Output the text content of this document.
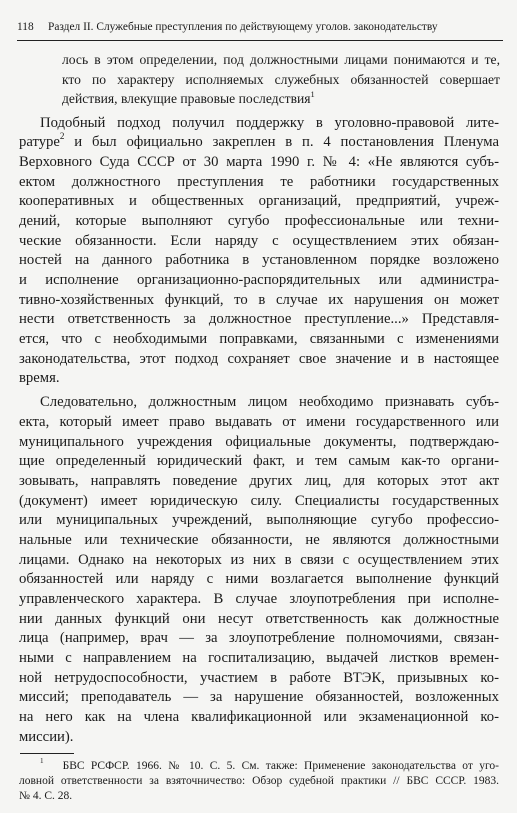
118 Раздел II. Служебные преступления по действующему уголов. законодательству
лось в этом определении, под должностными лицами понимаются и те,
кто по характеру исполняемых служебных обязанностей совершает
действия, влекущие правовые последствия$^1$
Подобный подход получил поддержку в уголовно-правовой лите-
ратуре$^2$ и был официально закреплен в п. 4 постановления Пленума
Верховного Суда СССР от 30 марта 1990 г. № 4: «Не являются субъ-
ектом должностного преступления те работники государственных
кооперативных и общественных организаций, предприятий, учреж-
дений, которые выполняют сугубо профессиональные или техни-
ческие обязанности. Если наряду с осуществлением этих обязан-
ностей на данного работника в установленном порядке возложено
и исполнение организационно-распорядительных или администра-
тивно-хозяйственных функций, то в случае их нарушения он может
нести ответственность за должностное преступление...» Представля-
ется, что с необходимыми поправками, связанными с изменениями
законодательства, этот подход сохраняет свое значение и в настоящее
время.
Следовательно, должностным лицом необходимо признавать субъ-
екта, который имеет право выдавать от имени государственного или
муниципального учреждения официальные документы, подтверждаю-
щие определенный юридический факт, и тем самым как-то органи-
зовывать, направлять поведение других лиц, для которых этот акт
(документ) имеет юридическую силу. Специалисты государственных
или муниципальных учреждений, выполняющие сугубо профессио-
нальные или технические обязанности, не являются должностными
лицами. Однако на некоторых из них в связи с осуществлением этих
обязанностей или наряду с ними возлагается выполнение функций
управленческого характера. В случае злоупотребления при исполне-
нии данных функций они несут ответственность как должностные
лица (например, врач — за злоупотребление полномочиями, связан-
ными с направлением на госпитализацию, выдачей листков времен-
ной нетрудоспособности, участием в работе ВТЭК, призывных ко-
миссий; преподаватель — за нарушение обязанностей, возложенных
на него как на члена квалификационной или экзаменационной ко-
миссии).
$^1$ БВС РСФСР. 1966. № 10. С. 5. См. также: Применение законодательства от уго-
ловной ответственности за взяточничество: Обзор судебной практики // БВС СССР. 1983.
№ 4. С. 28.
